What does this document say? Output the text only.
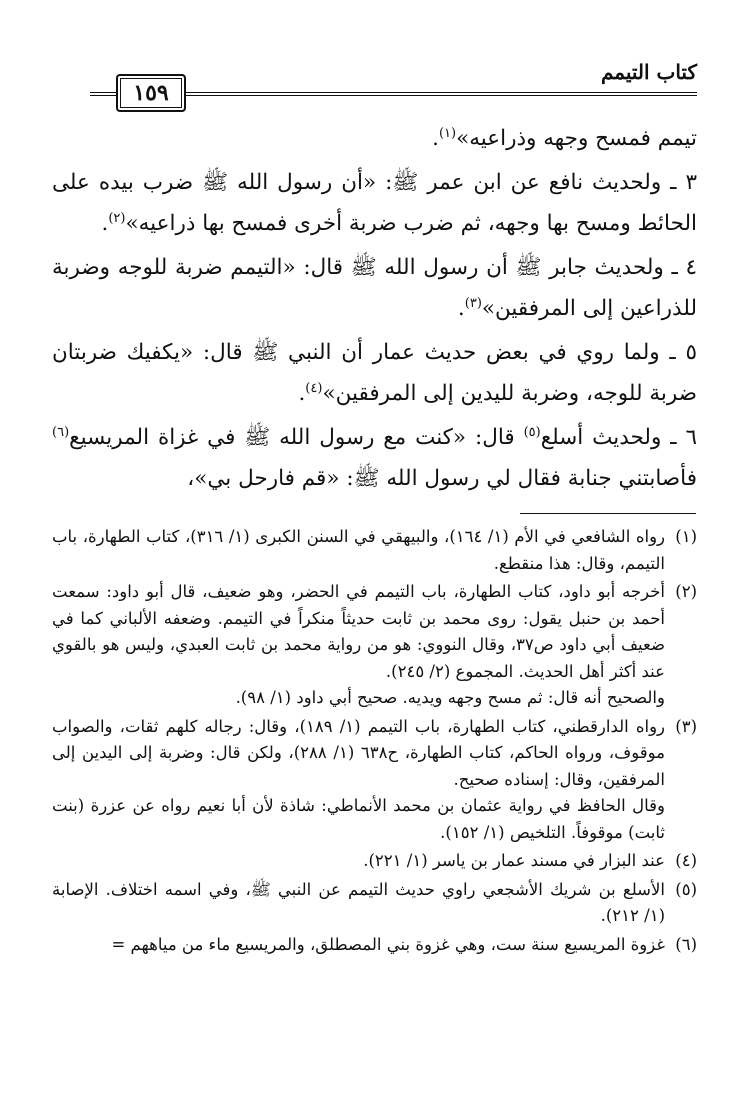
كتاب التيمم
١٥٩

تيمم فمسح وجهه وذراعيه»$^{(١)}$.

٣ ـ ولحديث نافع عن ابن عمر ﷺ: «أن رسول الله ﷺ ضرب بيده على الحائط ومسح بها وجهه، ثم ضرب ضربة أخرى فمسح بها ذراعيه»$^{(٢)}$.

٤ ـ ولحديث جابر ﷺ أن رسول الله ﷺ قال: «التيمم ضربة للوجه وضربة للذراعين إلى المرفقين»$^{(٣)}$.

٥ ـ ولما روي في بعض حديث عمار أن النبي ﷺ قال: «يكفيك ضربتان ضربة للوجه، وضربة لليدين إلى المرفقين»$^{(٤)}$.

٦ ـ ولحديث أسلع$^{(٥)}$ قال: «كنت مع رسول الله ﷺ في غزاة المريسيع$^{(٦)}$ فأصابتني جنابة فقال لي رسول الله ﷺ: «قم فارحل بي»،

(١)
رواه الشافعي في الأم (١/ ١٦٤)، والبيهقي في السنن الكبرى (١/ ٣١٦)، كتاب الطهارة، باب التيمم، وقال: هذا منقطع.
(٢)
أخرجه أبو داود، كتاب الطهارة، باب التيمم في الحضر، وهو ضعيف، قال أبو داود: سمعت أحمد بن حنبل يقول: روى محمد بن ثابت حديثاً منكراً في التيمم. وضعفه الألباني كما في ضعيف أبي داود ص٣٧، وقال النووي: هو من رواية محمد بن ثابت العبدي، وليس هو بالقوي عند أكثر أهل الحديث. المجموع (٢/ ٢٤٥).
والصحيح أنه قال: ثم مسح وجهه ويديه. صحيح أبي داود (١/ ٩٨).
(٣)
رواه الدارقطني، كتاب الطهارة، باب التيمم (١/ ١٨٩)، وقال: رجاله كلهم ثقات، والصواب موقوف، ورواه الحاكم، كتاب الطهارة، ح٦٣٨ (١/ ٢٨٨)، ولكن قال: وضربة إلى اليدين إلى المرفقين، وقال: إسناده صحيح.
وقال الحافظ في رواية عثمان بن محمد الأنماطي: شاذة لأن أبا نعيم رواه عن عزرة (بنت ثابت) موقوفاً. التلخيص (١/ ١٥٢).
(٤)
عند البزار في مسند عمار بن ياسر (١/ ٢٢١).
(٥)
الأسلع بن شريك الأشجعي راوي حديث التيمم عن النبي ﷺ، وفي اسمه اختلاف. الإصابة (١/ ٢١٢).
(٦)
غزوة المريسيع سنة ست، وهي غزوة بني المصطلق، والمريسيع ماء من مياههم =
